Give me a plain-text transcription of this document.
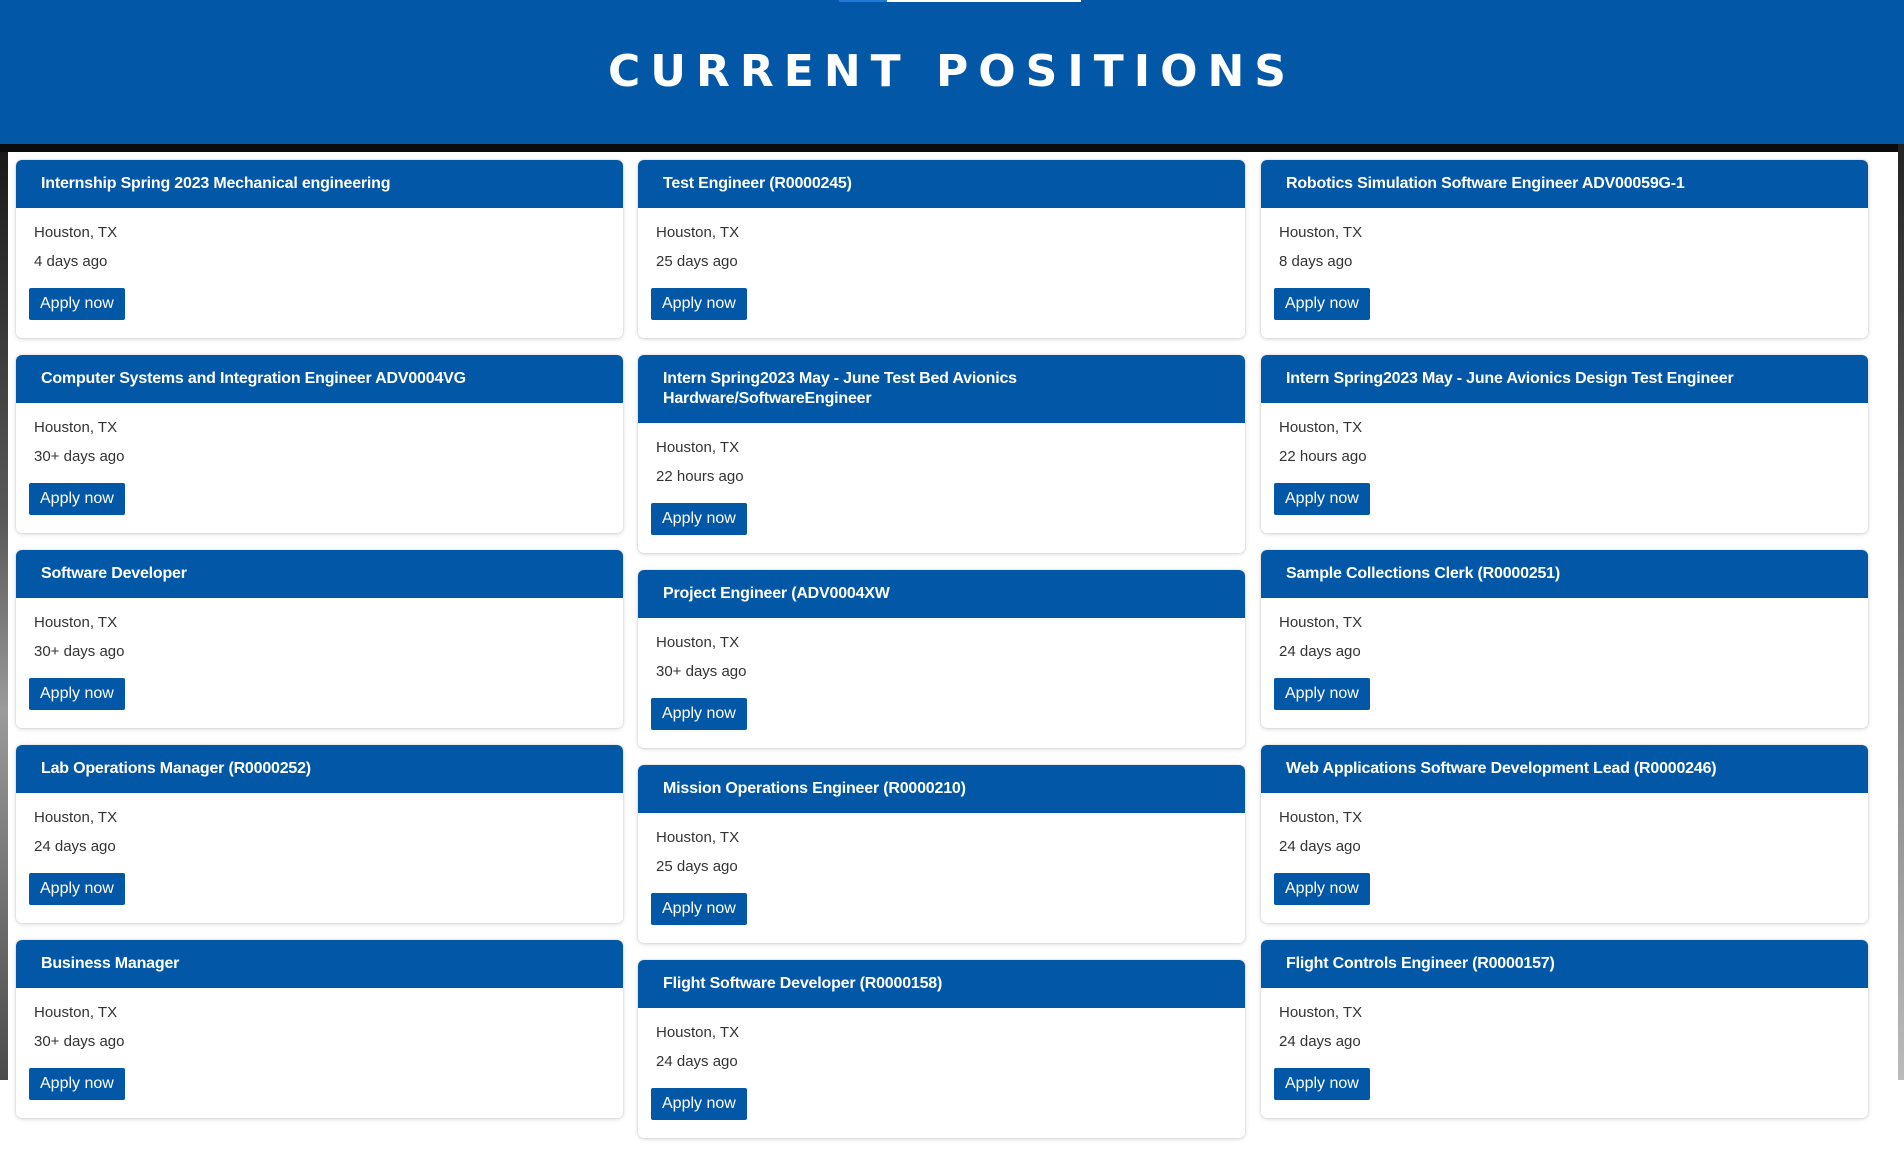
CURRENT POSITIONS
Internship Spring 2023 Mechanical engineering
Houston, TX
4 days ago
Apply now
Computer Systems and Integration Engineer ADV0004VG
Houston, TX
30+ days ago
Apply now
Software Developer
Houston, TX
30+ days ago
Apply now
Lab Operations Manager (R0000252)
Houston, TX
24 days ago
Apply now
Business Manager
Houston, TX
30+ days ago
Apply now
Test Engineer (R0000245)
Houston, TX
25 days ago
Apply now
Intern Spring2023 May - June Test Bed Avionics Hardware/SoftwareEngineer
Houston, TX
22 hours ago
Apply now
Project Engineer (ADV0004XW
Houston, TX
30+ days ago
Apply now
Mission Operations Engineer (R0000210)
Houston, TX
25 days ago
Apply now
Flight Software Developer (R0000158)
Houston, TX
24 days ago
Apply now
Robotics Simulation Software Engineer ADV00059G-1
Houston, TX
8 days ago
Apply now
Intern Spring2023 May - June Avionics Design Test Engineer
Houston, TX
22 hours ago
Apply now
Sample Collections Clerk (R0000251)
Houston, TX
24 days ago
Apply now
Web Applications Software Development Lead (R0000246)
Houston, TX
24 days ago
Apply now
Flight Controls Engineer (R0000157)
Houston, TX
24 days ago
Apply now
